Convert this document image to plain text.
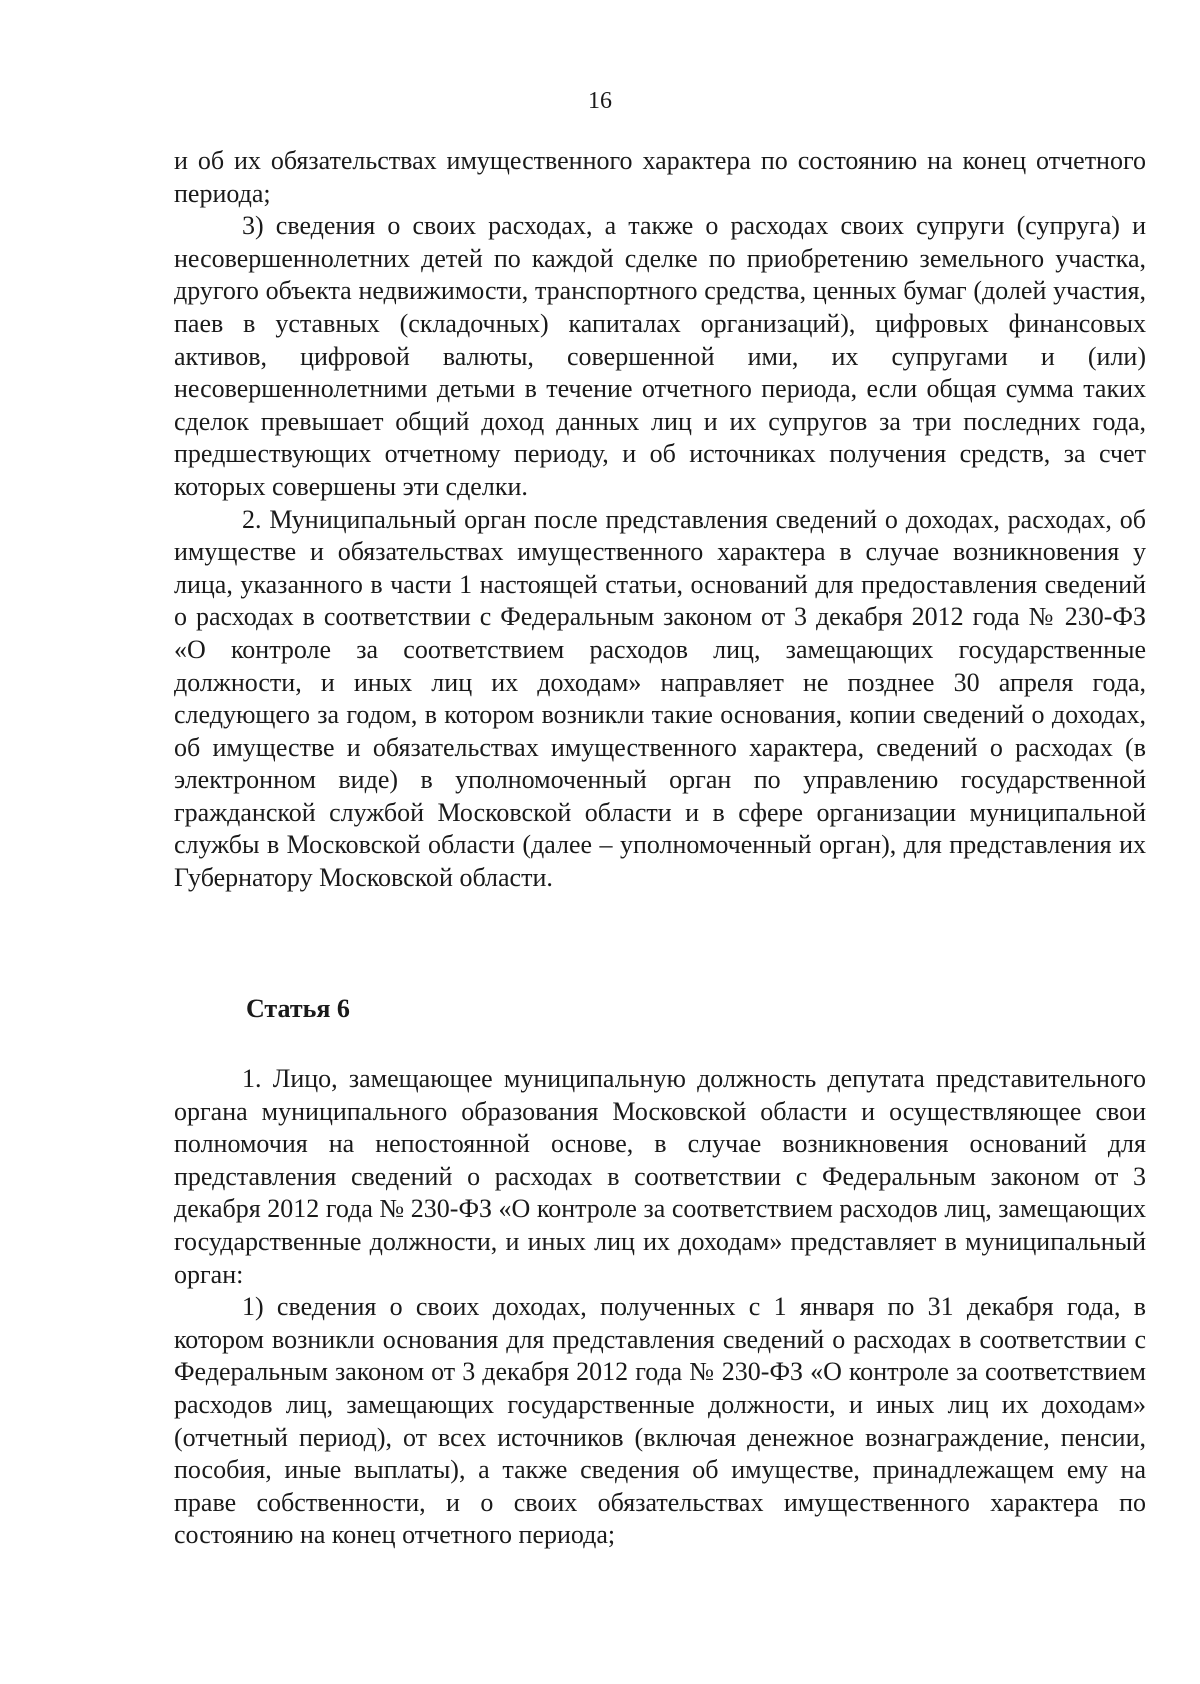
16

и об их обязательствах имущественного характера по состоянию на конец отчетного периода;

3) сведения о своих расходах, а также о расходах своих супруги (супруга) и несовершеннолетних детей по каждой сделке по приобретению земельного участка, другого объекта недвижимости, транспортного средства, ценных бумаг (долей участия, паев в уставных (складочных) капиталах организаций), цифровых финансовых активов, цифровой валюты, совершенной ими, их супругами и (или) несовершеннолетними детьми в течение отчетного периода, если общая сумма таких сделок превышает общий доход данных лиц и их супругов за три последних года, предшествующих отчетному периоду, и об источниках получения средств, за счет которых совершены эти сделки.

2. Муниципальный орган после представления сведений о доходах, расходах, об имуществе и обязательствах имущественного характера в случае возникновения у лица, указанного в части 1 настоящей статьи, оснований для предоставления сведений о расходах в соответствии с Федеральным законом от 3 декабря 2012 года № 230-ФЗ «О контроле за соответствием расходов лиц, замещающих государственные должности, и иных лиц их доходам» направляет не позднее 30 апреля года, следующего за годом, в котором возникли такие основания, копии сведений о доходах, об имуществе и обязательствах имущественного характера, сведений о расходах (в электронном виде) в уполномоченный орган по управлению государственной гражданской службой Московской области и в сфере организации муниципальной службы в Московской области (далее – уполномоченный орган), для представления их Губернатору Московской области.

Статья 6

1. Лицо, замещающее муниципальную должность депутата представительного органа муниципального образования Московской области и осуществляющее свои полномочия на непостоянной основе, в случае возникновения оснований для представления сведений о расходах в соответствии с Федеральным законом от 3 декабря 2012 года № 230-ФЗ «О контроле за соответствием расходов лиц, замещающих государственные должности, и иных лиц их доходам» представляет в муниципальный орган:

1) сведения о своих доходах, полученных с 1 января по 31 декабря года, в котором возникли основания для представления сведений о расходах в соответствии с Федеральным законом от 3 декабря 2012 года № 230-ФЗ «О контроле за соответствием расходов лиц, замещающих государственные должности, и иных лиц их доходам» (отчетный период), от всех источников (включая денежное вознаграждение, пенсии, пособия, иные выплаты), а также сведения об имуществе, принадлежащем ему на праве собственности, и о своих обязательствах имущественного характера по состоянию на конец отчетного периода;
